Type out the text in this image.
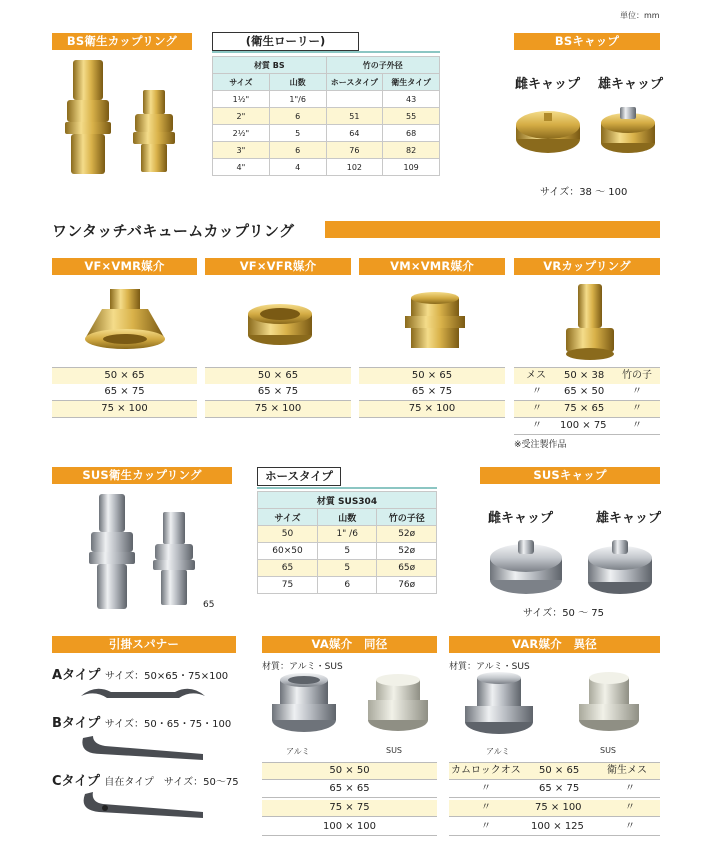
単位：mm
BS衛生カップリング	(衛生ローリー)
材質 BS		竹の子外径	
サイズ	山数	ホースタイプ	衛生タイプ
1½"	1"/6		43
2"	6	51	55
2½"	5	64	68
3"	6	76	82
4"	4	102	109
BSキャップ
雌キャップ 雄キャップ
サイズ：38 ～ 100
ワンタッチバキュームカップリング
VF×VMR媒介
50 × 65
65 × 75
75 × 100
VF×VFR媒介
50 × 65
65 × 75
75 × 100
VM×VMR媒介
50 × 65
65 × 75
75 × 100
VRカップリング
メス 50 × 38 竹の子
〃 65 × 50	〃
〃 75 × 65	〃
〃 100 × 75	〃
※受注製作品
SUS衛生カップリング
65
ホースタイプ
材質 SUS304		
サイズ	山数	竹の子径
50	1" /6	52ø
60×50	5	52ø
65	5	65ø
75	6	76ø
SUSキャップ
雌キャップ	雄キャップ
サイズ：50 ～ 75
引掛スパナー
Aタイプ サイズ：50×65・75×100
Bタイプ サイズ：50・65・75・100
Cタイプ 自在タイプ　サイズ：50～75
VA媒介　同径
材質：アルミ・SUS
アルミ	SUS
50 × 50
65 × 65
75 × 75
100 × 100
VAR媒介　異径
材質：アルミ・SUS
アルミ	SUS
カムロックオス 50 × 65	衛生メス
〃	65 × 75	〃
〃	75 × 100	〃
〃	100 × 125	〃
